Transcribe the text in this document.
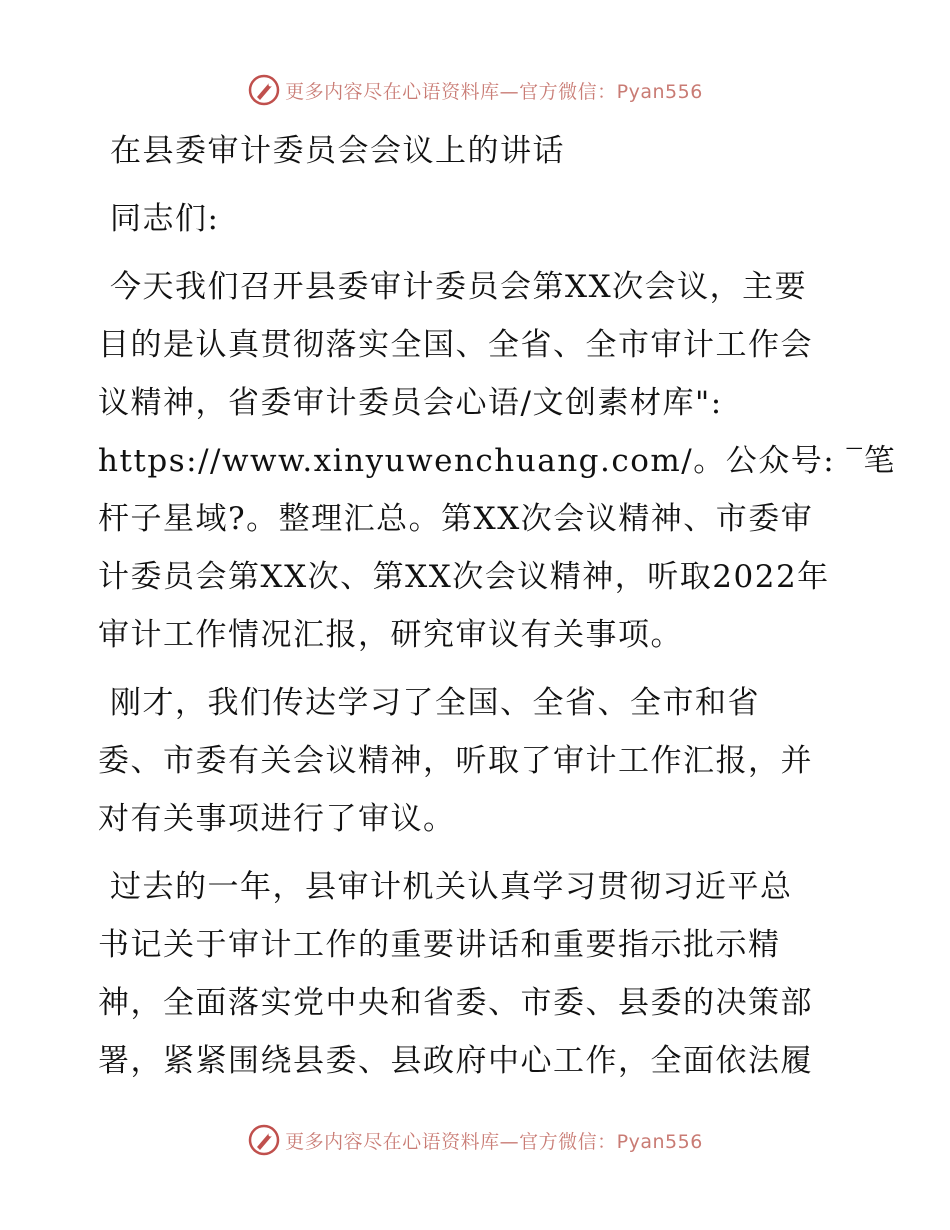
更多内容尽在心语资料库—官方微信：Pyan556
在县委审计委员会会议上的讲话
同志们:
今天我们召开县委审计委员会第XX次会议，主要
目的是认真贯彻落实全国、全省、全市审计工作会
议精神，省委审计委员会心语/文创素材库":
https://www.xinyuwenchuang.com/。公众号: ‾笔
杆子星域?。整理汇总。第XX次会议精神、市委审
计委员会第XX次、第XX次会议精神，听取2022年
审计工作情况汇报，研究审议有关事项。
刚才，我们传达学习了全国、全省、全市和省
委、市委有关会议精神，听取了审计工作汇报，并
对有关事项进行了审议。
过去的一年，县审计机关认真学习贯彻习近平总
书记关于审计工作的重要讲话和重要指示批示精
神，全面落实党中央和省委、市委、县委的决策部
署，紧紧围绕县委、县政府中心工作，全面依法履
更多内容尽在心语资料库—官方微信：Pyan556
